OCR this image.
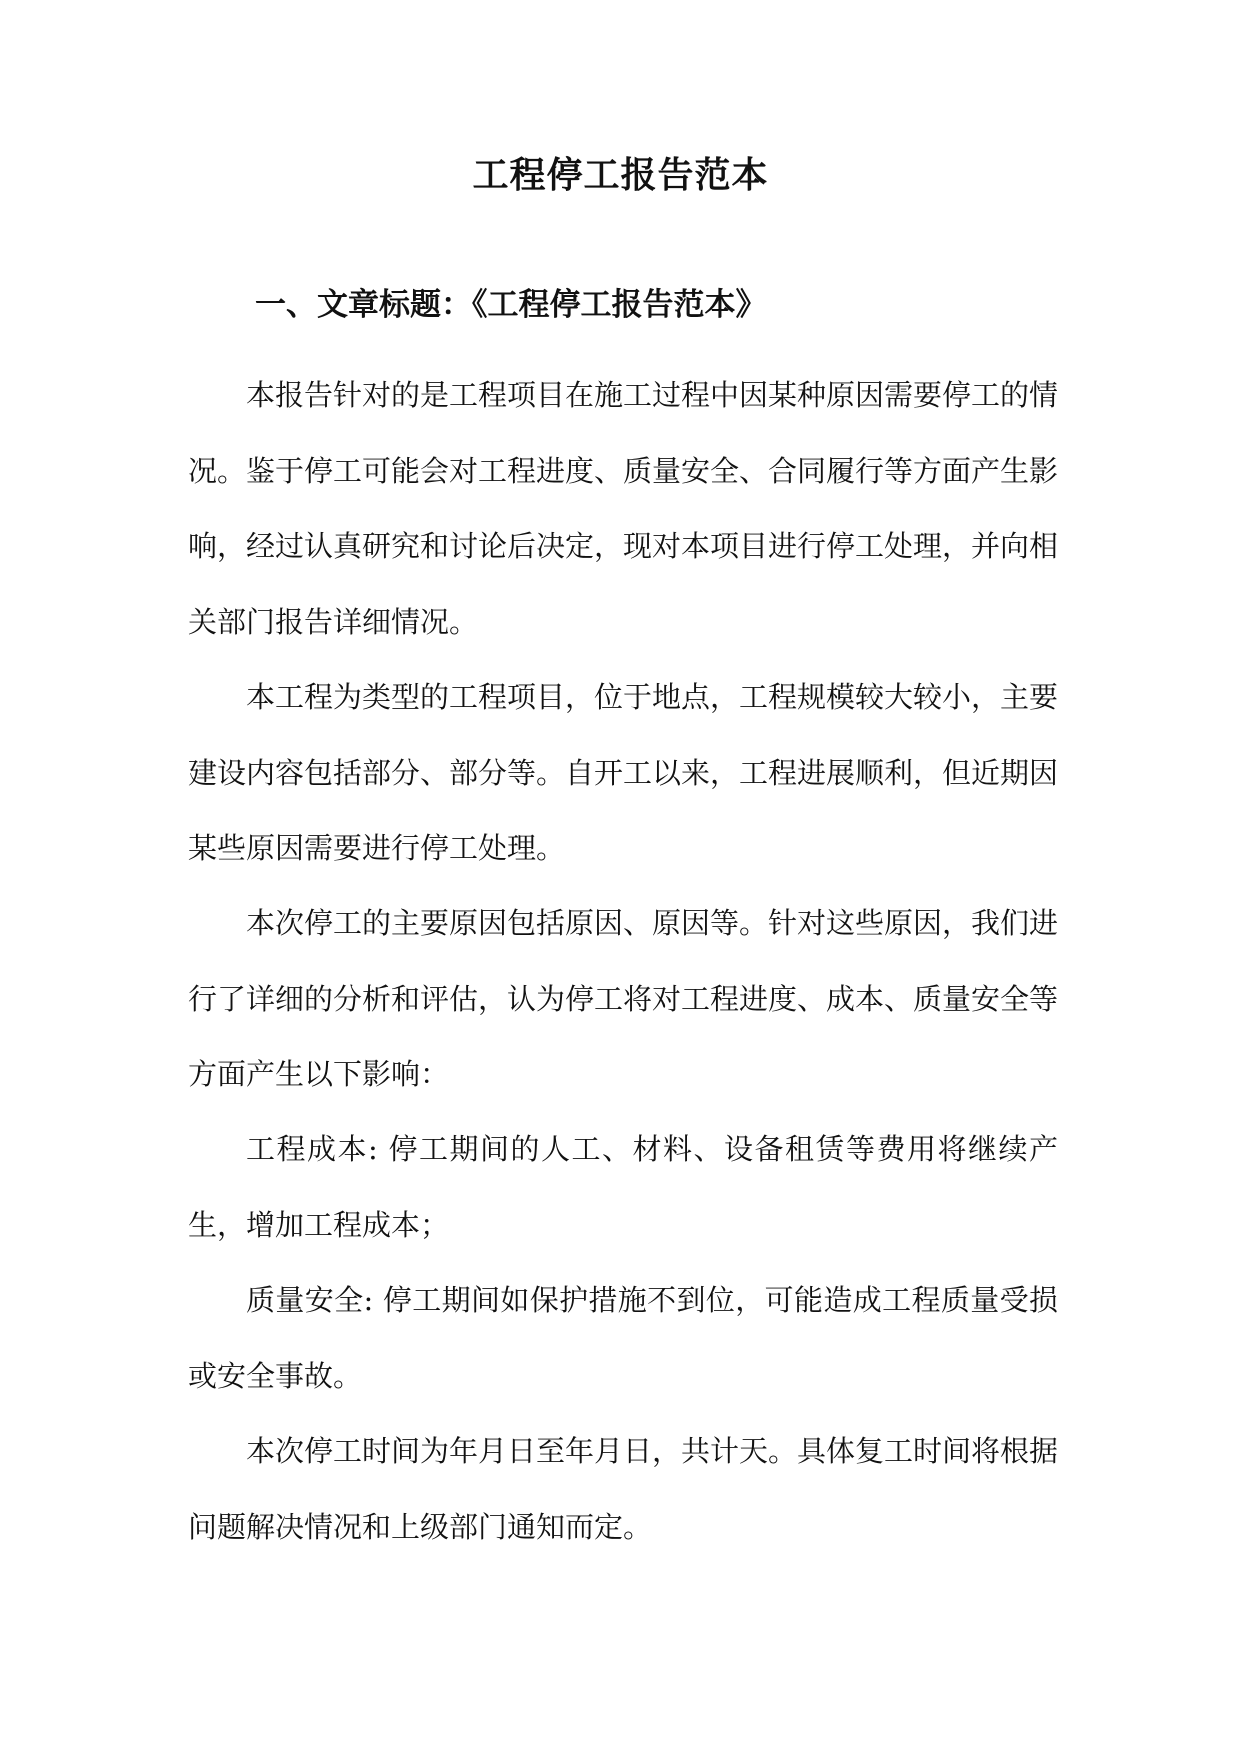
工程停工报告范本
一、文章标题：《工程停工报告范本》

本报告针对的是工程项目在施工过程中因某种原因需要停工的情况。鉴于停工可能会对工程进度、质量安全、合同履行等方面产生影响，经过认真研究和讨论后决定，现对本项目进行停工处理，并向相关部门报告详细情况。

本工程为类型的工程项目，位于地点，工程规模较大较小，主要建设内容包括部分、部分等。自开工以来，工程进展顺利，但近期因某些原因需要进行停工处理。

本次停工的主要原因包括原因、原因等。针对这些原因，我们进行了详细的分析和评估，认为停工将对工程进度、成本、质量安全等方面产生以下影响：

工程成本: 停工期间的人工、材料、设备租赁等费用将继续产生，增加工程成本；

质量安全: 停工期间如保护措施不到位，可能造成工程质量受损或安全事故。

本次停工时间为年月日至年月日，共计天。具体复工时间将根据问题解决情况和上级部门通知而定。
